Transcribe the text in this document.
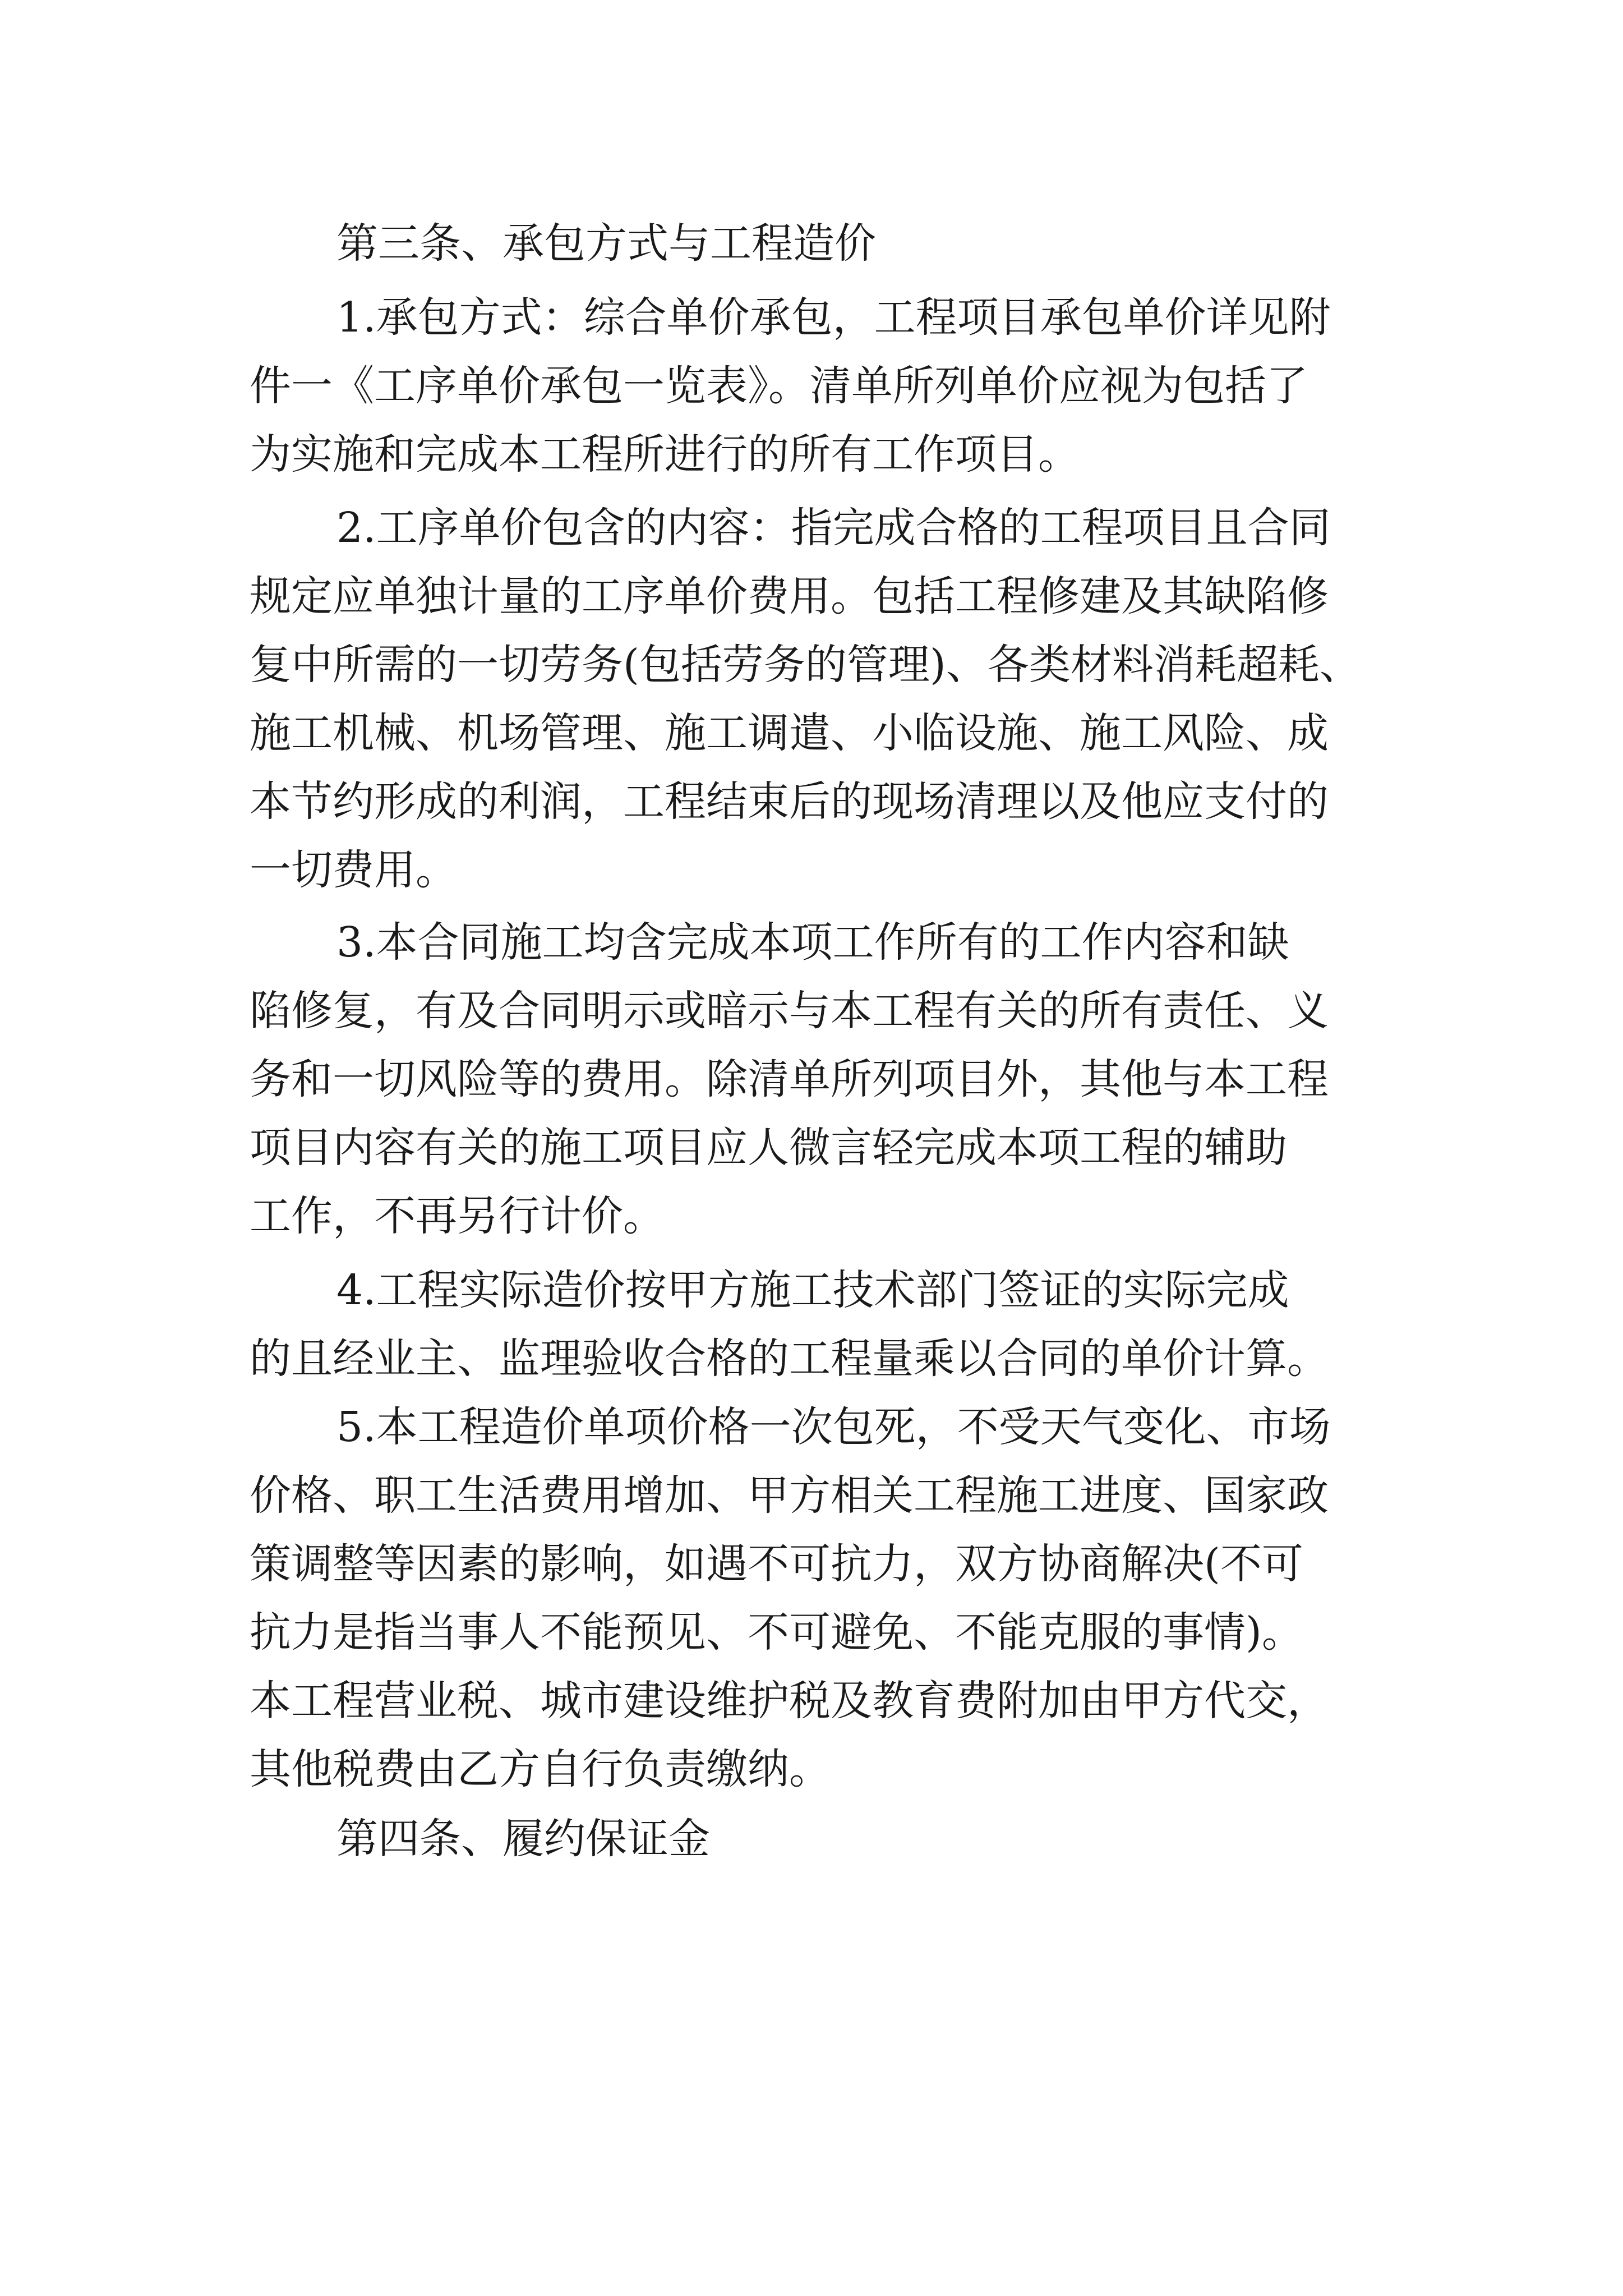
第三条、承包方式与工程造价

1.承包方式：综合单价承包，工程项目承包单价详见附

件一《工序单价承包一览表》。清单所列单价应视为包括了

为实施和完成本工程所进行的所有工作项目。

2.工序单价包含的内容：指完成合格的工程项目且合同

规定应单独计量的工序单价费用。包括工程修建及其缺陷修

复中所需的一切劳务(包括劳务的管理)、各类材料消耗超耗、

施工机械、机场管理、施工调遣、小临设施、施工风险、成

本节约形成的利润，工程结束后的现场清理以及他应支付的

一切费用。

3.本合同施工均含完成本项工作所有的工作内容和缺

陷修复，有及合同明示或暗示与本工程有关的所有责任、义

务和一切风险等的费用。除清单所列项目外，其他与本工程

项目内容有关的施工项目应人微言轻完成本项工程的辅助

工作，不再另行计价。

4.工程实际造价按甲方施工技术部门签证的实际完成

的且经业主、监理验收合格的工程量乘以合同的单价计算。

5.本工程造价单项价格一次包死，不受天气变化、市场

价格、职工生活费用增加、甲方相关工程施工进度、国家政

策调整等因素的影响，如遇不可抗力，双方协商解决(不可

抗力是指当事人不能预见、不可避免、不能克服的事情)。

本工程营业税、城市建设维护税及教育费附加由甲方代交，

其他税费由乙方自行负责缴纳。

第四条、履约保证金
